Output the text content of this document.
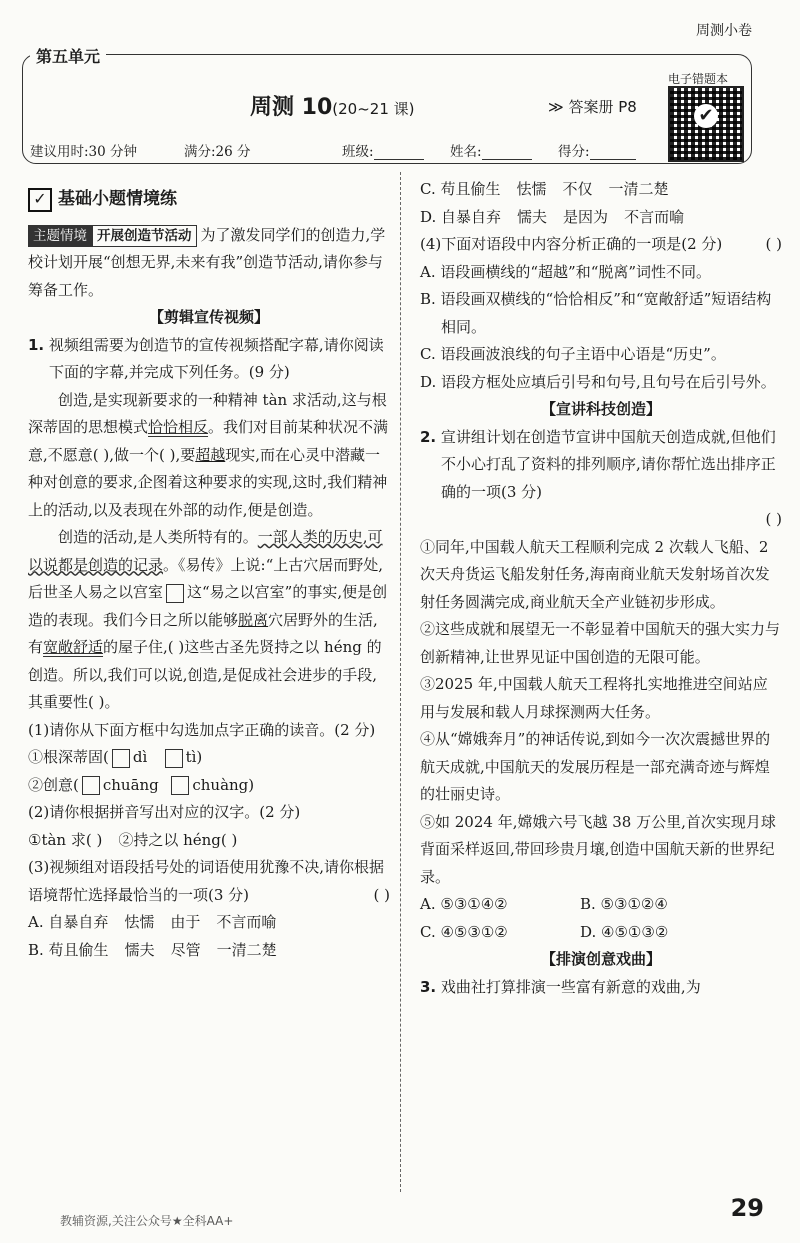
周测小卷
第五单元
周测 10(20~21 课)	≫ 答案册 P8
电子错题本
✔
建议用时:30 分钟	满分:26 分	班级:	姓名:	得分:
✓ 基础小题情境练

主题情境 开展创造节活动 为了激发同学们的创造力,学校计划开展“创想无界,未来有我”创造节活动,请你参与筹备工作。

【剪辑宣传视频】

1. 视频组需要为创造节的宣传视频搭配字幕,请你阅读下面的字幕,并完成下列任务。(9 分)

创造,是实现新要求的一种精神 tàn 求活动,这与根深蒂固的思想模式恰恰相反。我们对目前某种状况不满意,不愿意( ),做一个( ),要超越现实,而在心灵中潜藏一种对创意的要求,企图着这种要求的实现,这时,我们精神上的活动,以及表现在外部的动作,便是创造。

创造的活动,是人类所特有的。一部人类的历史,可以说都是创造的记录。《易传》上说:“上古穴居而野处,后世圣人易之以宫室 这“易之以宫室”的事实,便是创造的表现。我们今日之所以能够脱离穴居野外的生活,有宽敞舒适的屋子住,( )这些古圣先贤持之以 héng 的创造。所以,我们可以说,创造,是促成社会进步的手段,其重要性( )。

(1)请你从下面方框中勾选加点字正确的读音。(2 分)

①根深蒂固( dì	tì)

②创意( chuāng chuàng)

(2)请你根据拼音写出对应的汉字。(2 分)

①tàn 求( ) ②持之以 héng( )

(3)视频组对语段括号处的词语使用犹豫不决,请你根据语境帮忙选择最恰当的一项(3 分)	( )

A. 自暴自弃 怯懦 由于 不言而喻

B. 苟且偷生 懦夫 尽管 一清二楚

C. 苟且偷生 怯懦 不仅 一清二楚

D. 自暴自弃 懦夫 是因为 不言而喻

(4)下面对语段中内容分析正确的一项是(2 分)	( )

A. 语段画横线的“超越”和“脱离”词性不同。

B. 语段画双横线的“恰恰相反”和“宽敞舒适”短语结构相同。

C. 语段画波浪线的句子主语中心语是“历史”。

D. 语段方框处应填后引号和句号,且句号在后引号外。

【宣讲科技创造】

2. 宣讲组计划在创造节宣讲中国航天创造成就,但他们不小心打乱了资料的排列顺序,请你帮忙选出排序正确的一项(3 分)

( )

①同年,中国载人航天工程顺利完成 2 次载人飞船、2 次天舟货运飞船发射任务,海南商业航天发射场首次发射任务圆满完成,商业航天全产业链初步形成。

②这些成就和展望无一不彰显着中国航天的强大实力与创新精神,让世界见证中国创造的无限可能。

③2025 年,中国载人航天工程将扎实地推进空间站应用与发展和载人月球探测两大任务。

④从“嫦娥奔月”的神话传说,到如今一次次震撼世界的航天成就,中国航天的发展历程是一部充满奇迹与辉煌的壮丽史诗。

⑤如 2024 年,嫦娥六号飞越 38 万公里,首次实现月球背面采样返回,带回珍贵月壤,创造中国航天新的世界纪录。

A. ⑤③①④②	B. ⑤③①②④

C. ④⑤③①②	D. ④⑤①③②

【排演创意戏曲】

3. 戏曲社打算排演一些富有新意的戏曲,为

教辅资源,关注公众号★全科AA+	29
